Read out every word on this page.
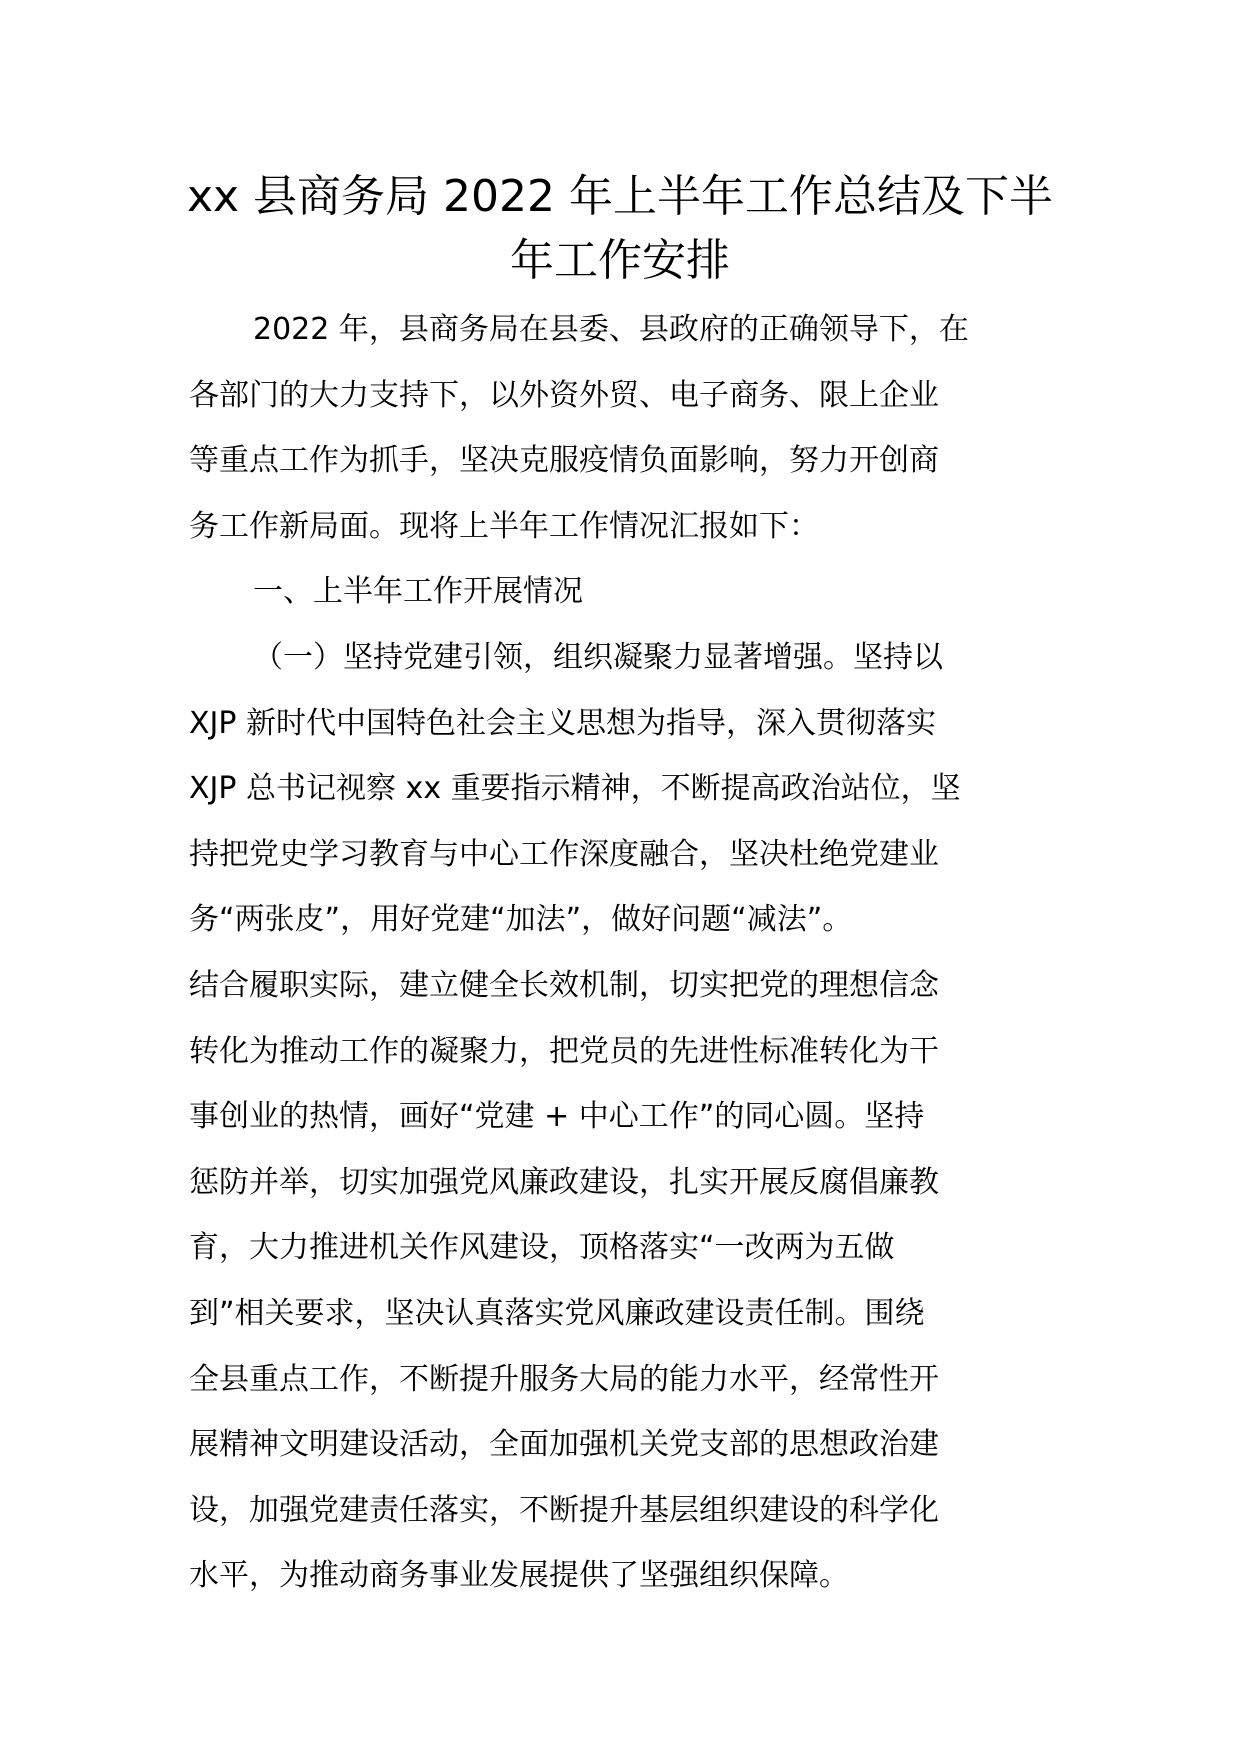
xx 县商务局 2022 年上半年工作总结及下半
年工作安排
2022 年，县商务局在县委、县政府的正确领导下，在
各部门的大力支持下，以外资外贸、电子商务、限上企业
等重点工作为抓手，坚决克服疫情负面影响，努力开创商
务工作新局面。现将上半年工作情况汇报如下：
一、上半年工作开展情况
（一）坚持党建引领，组织凝聚力显著增强。坚持以
XJP 新时代中国特色社会主义思想为指导，深入贯彻落实
XJP 总书记视察 xx 重要指示精神，不断提高政治站位，坚
持把党史学习教育与中心工作深度融合，坚决杜绝党建业
务“两张皮”，用好党建“加法”，做好问题“减法”。
结合履职实际，建立健全长效机制，切实把党的理想信念
转化为推动工作的凝聚力，把党员的先进性标准转化为干
事创业的热情，画好“党建 + 中心工作”的同心圆。坚持
惩防并举，切实加强党风廉政建设，扎实开展反腐倡廉教
育，大力推进机关作风建设，顶格落实“一改两为五做
到”相关要求，坚决认真落实党风廉政建设责任制。围绕
全县重点工作，不断提升服务大局的能力水平，经常性开
展精神文明建设活动，全面加强机关党支部的思想政治建
设，加强党建责任落实，不断提升基层组织建设的科学化
水平，为推动商务事业发展提供了坚强组织保障。
